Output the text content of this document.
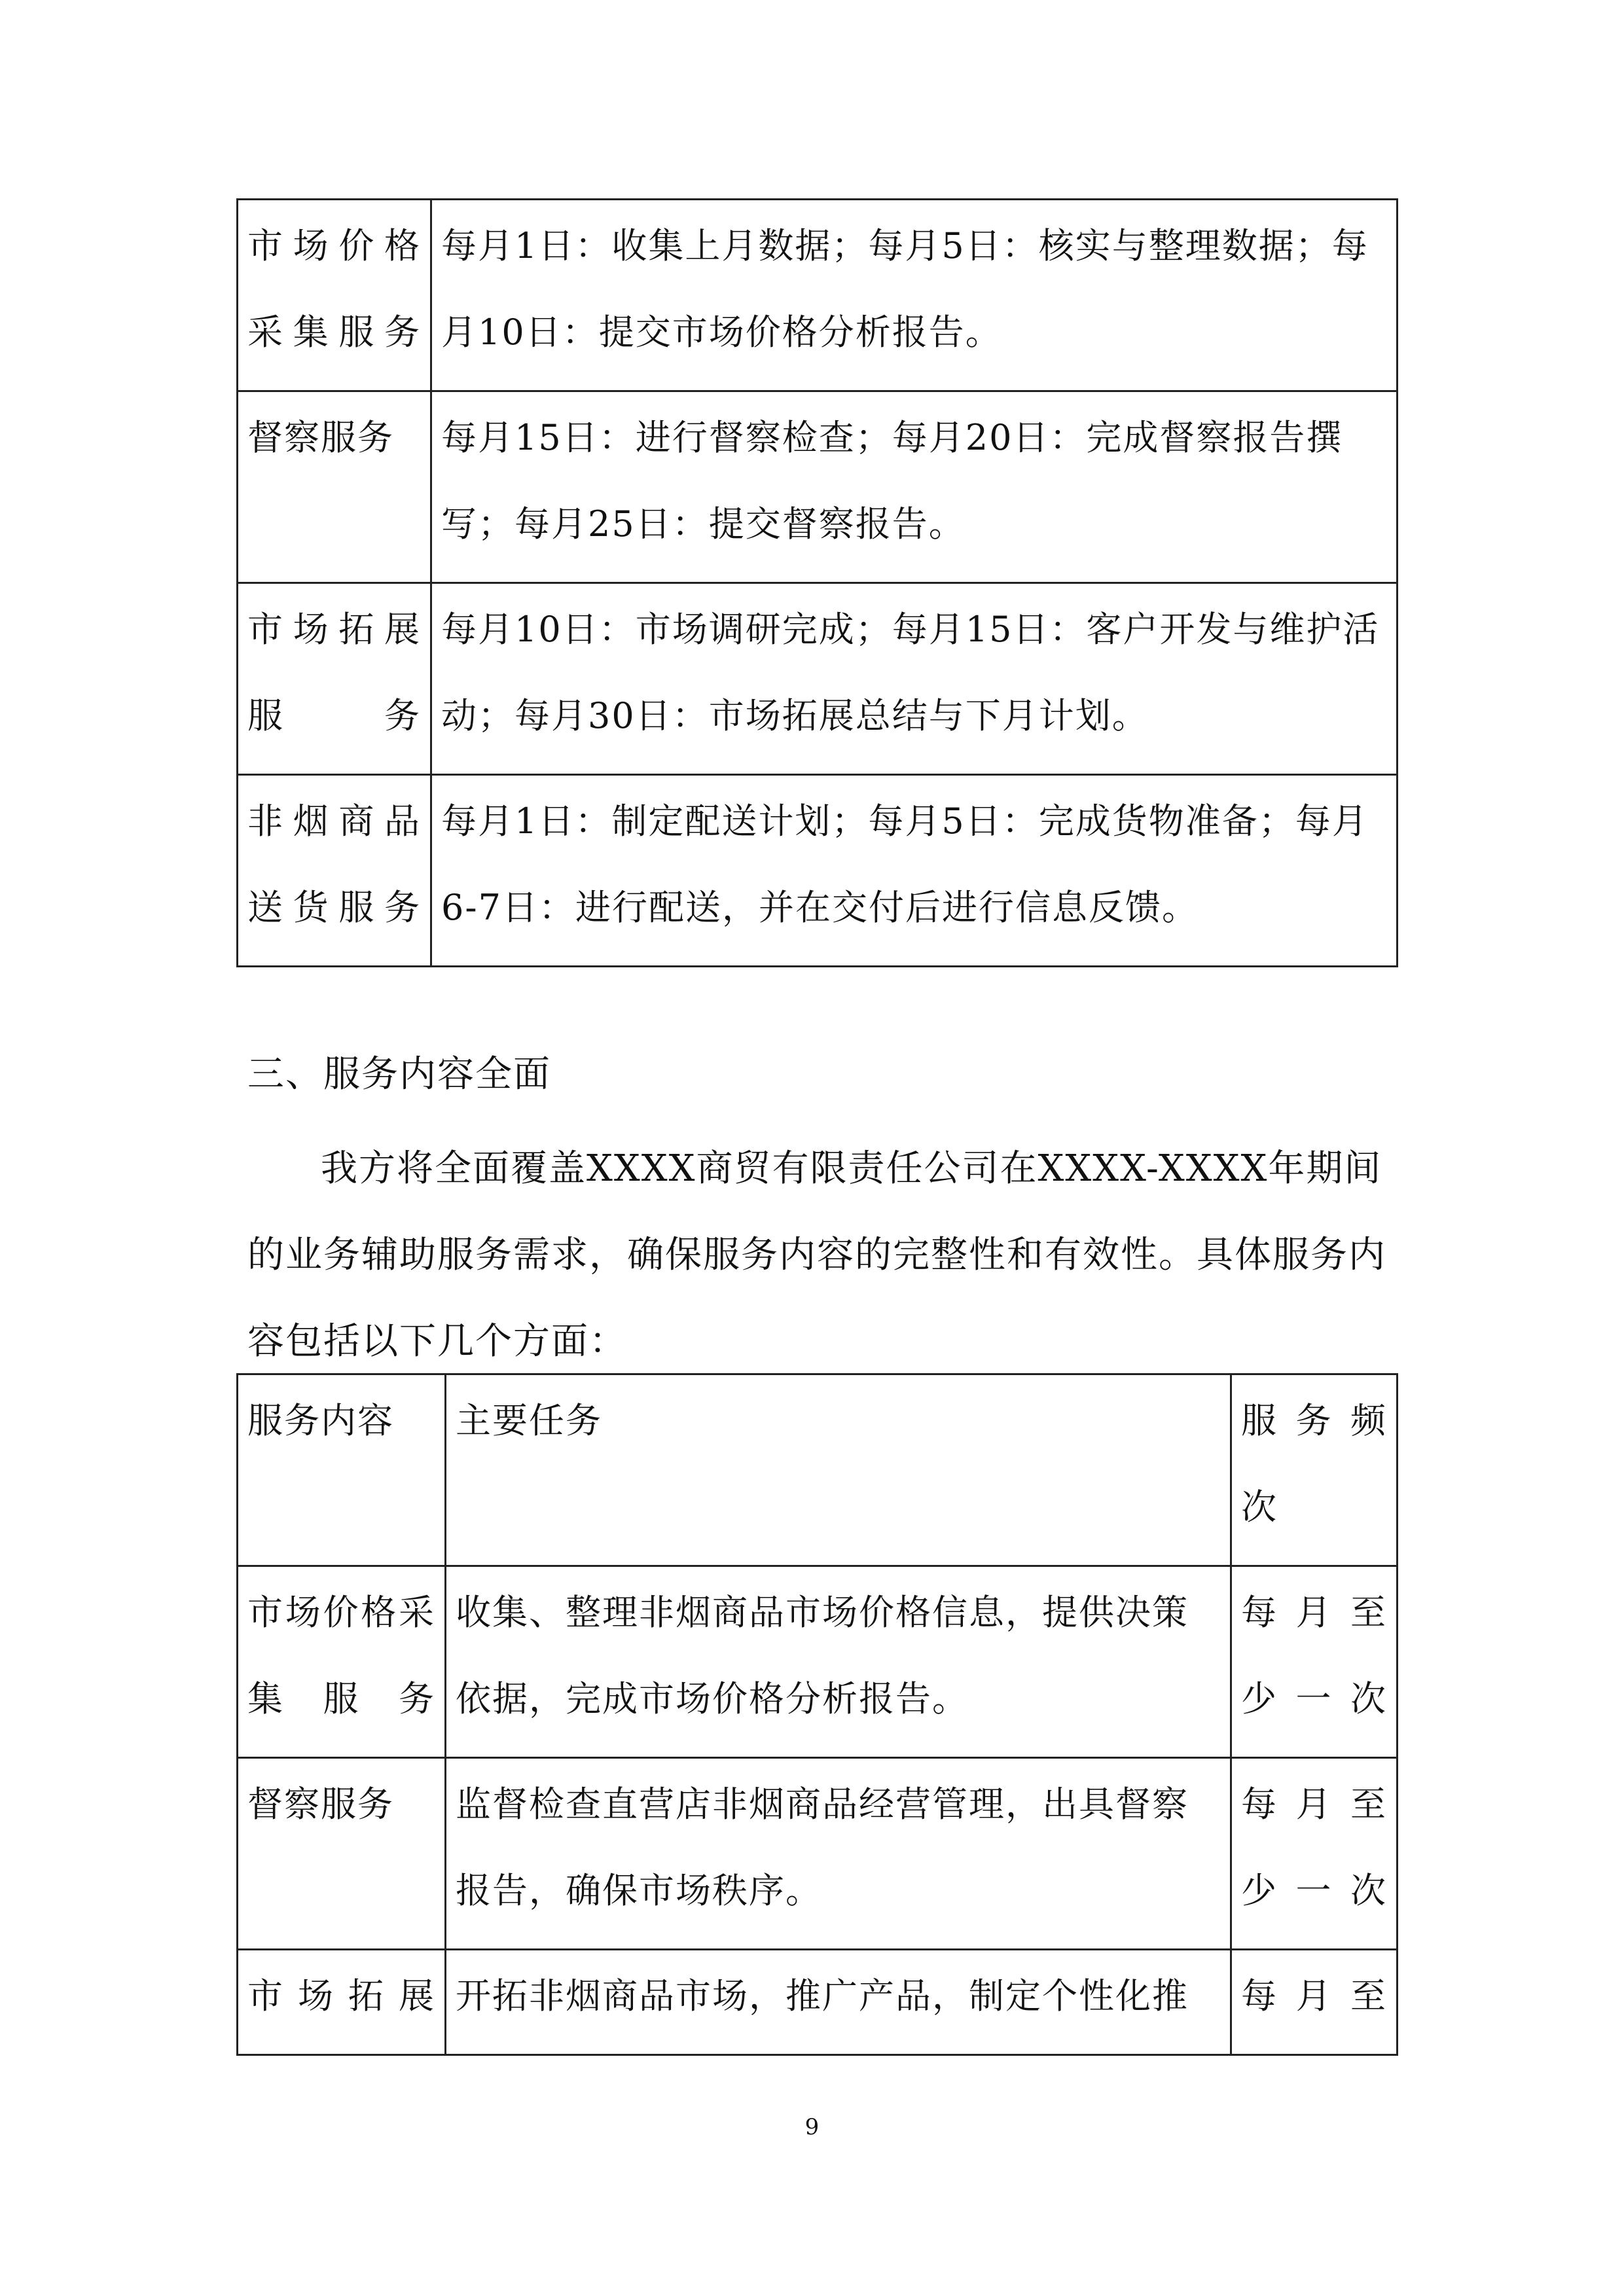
市场价格采集服务	每月1日：收集上月数据；每月5日：核实与整理数据；每月10日：提交市场价格分析报告。
督察服务	每月15日：进行督察检查；每月20日：完成督察报告撰写；每月25日：提交督察报告。
市场拓展服务	每月10日：市场调研完成；每月15日：客户开发与维护活动；每月30日：市场拓展总结与下月计划。
非烟商品送货服务	每月1日：制定配送计划；每月5日：完成货物准备；每月6-7日：进行配送，并在交付后进行信息反馈。
三、服务内容全面
我方将全面覆盖XXXX商贸有限责任公司在XXXX-XXXX年期间的业务辅助服务需求，确保服务内容的完整性和有效性。具体服务内容包括以下几个方面：
服务内容	主要任务	服务频次
市场价格采集服务	收集、整理非烟商品市场价格信息，提供决策依据，完成市场价格分析报告。	每月至少一次
督察服务	监督检查直营店非烟商品经营管理，出具督察报告，确保市场秩序。	每月至少一次
市场拓展	开拓非烟商品市场，推广产品，制定个性化推	每月至
9
